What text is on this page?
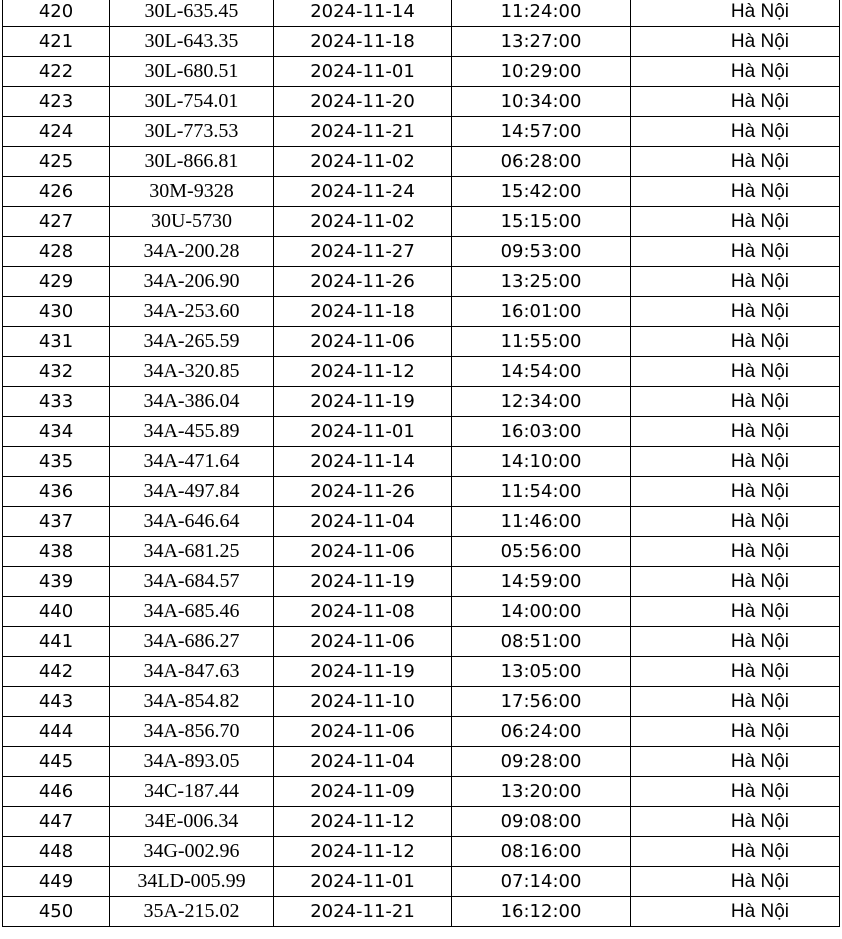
420	30L-635.45	2024-11-14	11:24:00	Hà Nội
421	30L-643.35	2024-11-18	13:27:00	Hà Nội
422	30L-680.51	2024-11-01	10:29:00	Hà Nội
423	30L-754.01	2024-11-20	10:34:00	Hà Nội
424	30L-773.53	2024-11-21	14:57:00	Hà Nội
425	30L-866.81	2024-11-02	06:28:00	Hà Nội
426	30M-9328	2024-11-24	15:42:00	Hà Nội
427	30U-5730	2024-11-02	15:15:00	Hà Nội
428	34A-200.28	2024-11-27	09:53:00	Hà Nội
429	34A-206.90	2024-11-26	13:25:00	Hà Nội
430	34A-253.60	2024-11-18	16:01:00	Hà Nội
431	34A-265.59	2024-11-06	11:55:00	Hà Nội
432	34A-320.85	2024-11-12	14:54:00	Hà Nội
433	34A-386.04	2024-11-19	12:34:00	Hà Nội
434	34A-455.89	2024-11-01	16:03:00	Hà Nội
435	34A-471.64	2024-11-14	14:10:00	Hà Nội
436	34A-497.84	2024-11-26	11:54:00	Hà Nội
437	34A-646.64	2024-11-04	11:46:00	Hà Nội
438	34A-681.25	2024-11-06	05:56:00	Hà Nội
439	34A-684.57	2024-11-19	14:59:00	Hà Nội
440	34A-685.46	2024-11-08	14:00:00	Hà Nội
441	34A-686.27	2024-11-06	08:51:00	Hà Nội
442	34A-847.63	2024-11-19	13:05:00	Hà Nội
443	34A-854.82	2024-11-10	17:56:00	Hà Nội
444	34A-856.70	2024-11-06	06:24:00	Hà Nội
445	34A-893.05	2024-11-04	09:28:00	Hà Nội
446	34C-187.44	2024-11-09	13:20:00	Hà Nội
447	34E-006.34	2024-11-12	09:08:00	Hà Nội
448	34G-002.96	2024-11-12	08:16:00	Hà Nội
449	34LD-005.99	2024-11-01	07:14:00	Hà Nội
450	35A-215.02	2024-11-21	16:12:00	Hà Nội
